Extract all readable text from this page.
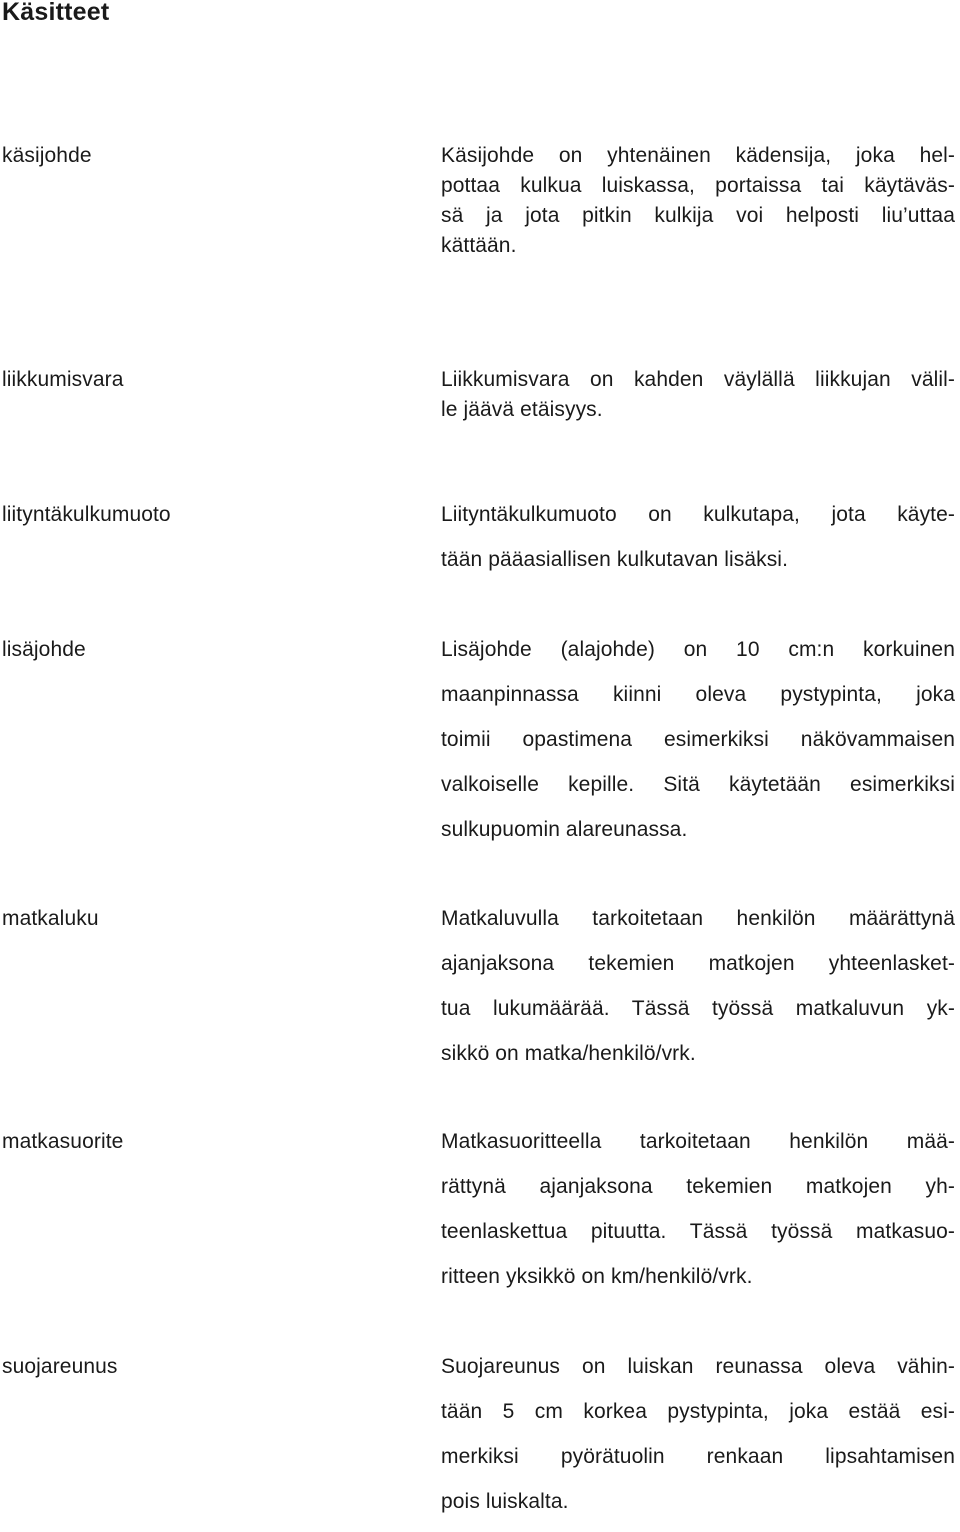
Käsitteet
käsijohde	Käsijohde on yhtenäinen kädensija, joka hel-
pottaa kulkua luiskassa, portaissa tai käytäväs-
sä ja jota pitkin kulkija voi helposti liu’uttaa
kättään.

liikkumisvara	Liikkumisvara on kahden väylällä liikkujan välil-
le jäävä etäisyys.

liityntäkulkumuoto	Liityntäkulkumuoto on kulkutapa, jota käyte-
tään pääasiallisen kulkutavan lisäksi.

lisäjohde	Lisäjohde (alajohde) on 10 cm:n korkuinen
maanpinnassa kiinni oleva pystypinta, joka
toimii opastimena esimerkiksi näkövammaisen
valkoiselle kepille. Sitä käytetään esimerkiksi
sulkupuomin alareunassa.

matkaluku	Matkaluvulla tarkoitetaan henkilön määrättynä
ajanjaksona tekemien matkojen yhteenlasket-
tua lukumäärää. Tässä työssä matkaluvun yk-
sikkö on matka/henkilö/vrk.

matkasuorite	Matkasuoritteella tarkoitetaan henkilön mää-
rättynä ajanjaksona tekemien matkojen yh-
teenlaskettua pituutta. Tässä työssä matkasuo-
ritteen yksikkö on km/henkilö/vrk.

suojareunus	Suojareunus on luiskan reunassa oleva vähin-
tään 5 cm korkea pystypinta, joka estää esi-
merkiksi pyörätuolin renkaan lipsahtamisen
pois luiskalta.
